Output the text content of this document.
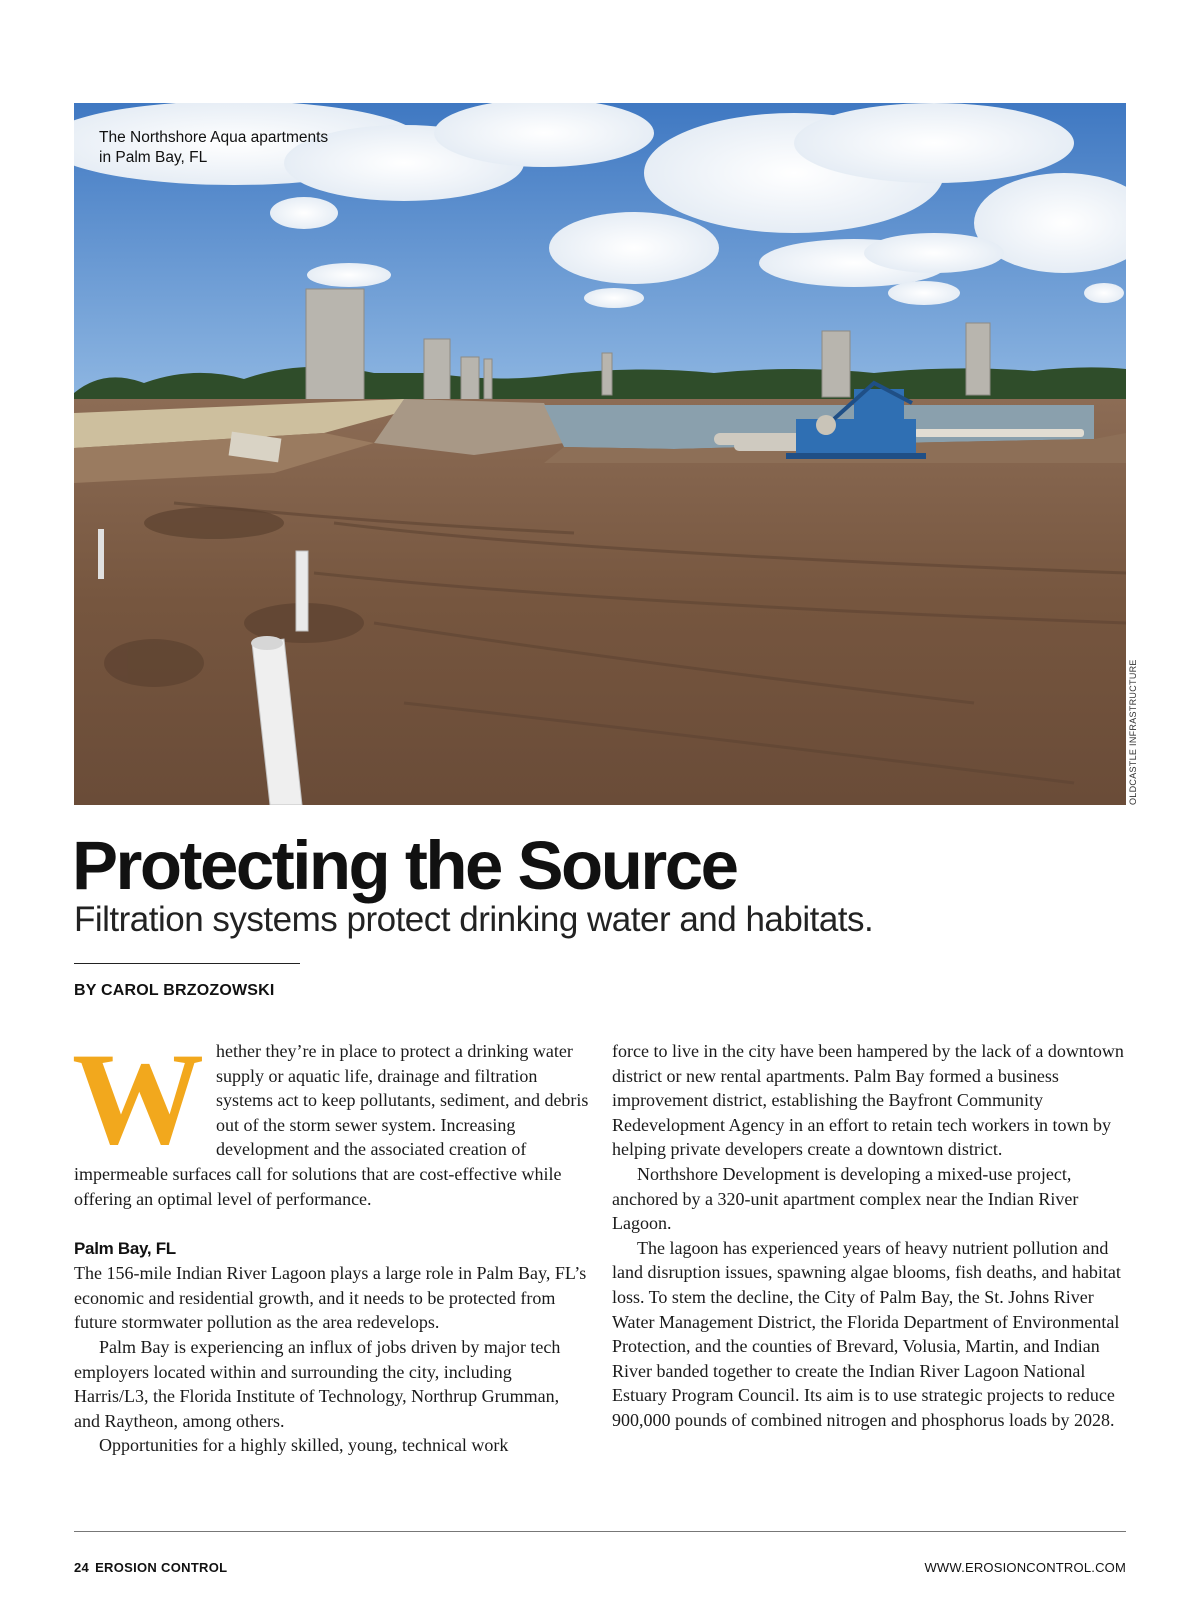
The Northshore Aqua apartments
in Palm Bay, FL
OLDCASTLE INFRASTRUCTURE
Protecting the Source
Filtration systems protect drinking water and habitats.
BY CAROL BRZOZOWSKI

Whether they’re in place to protect a drinking water supply or aquatic life, drainage and filtration systems act to keep pollutants, sediment, and debris out of the storm sewer system. Increasing development and the associated creation of impermeable surfaces call for solutions that are cost-effective while offering an optimal level of performance.

Palm Bay, FL

The 156-mile Indian River Lagoon plays a large role in Palm Bay, FL’s economic and residential growth, and it needs to be protected from future stormwater pollution as the area redevelops.

Palm Bay is experiencing an influx of jobs driven by major tech employers located within and surrounding the city, including Harris/L3, the Florida Institute of Technology, Northrup Grumman, and Raytheon, among others.

Opportunities for a highly skilled, young, technical work

force to live in the city have been hampered by the lack of a downtown district or new rental apartments. Palm Bay formed a business improvement district, establishing the Bayfront Community Redevelopment Agency in an effort to retain tech workers in town by helping private developers create a downtown district.

Northshore Development is developing a mixed-use project, anchored by a 320-unit apartment complex near the Indian River Lagoon.

The lagoon has experienced years of heavy nutrient pollution and land disruption issues, spawning algae blooms, fish deaths, and habitat loss. To stem the decline, the City of Palm Bay, the St. Johns River Water Management District, the Florida Department of Environmental Protection, and the counties of Brevard, Volusia, Martin, and Indian River banded together to create the Indian River Lagoon National Estuary Program Council. Its aim is to use strategic projects to reduce 900,000 pounds of combined nitrogen and phosphorus loads by 2028.

24 EROSION CONTROL	WWW.EROSIONCONTROL.COM
